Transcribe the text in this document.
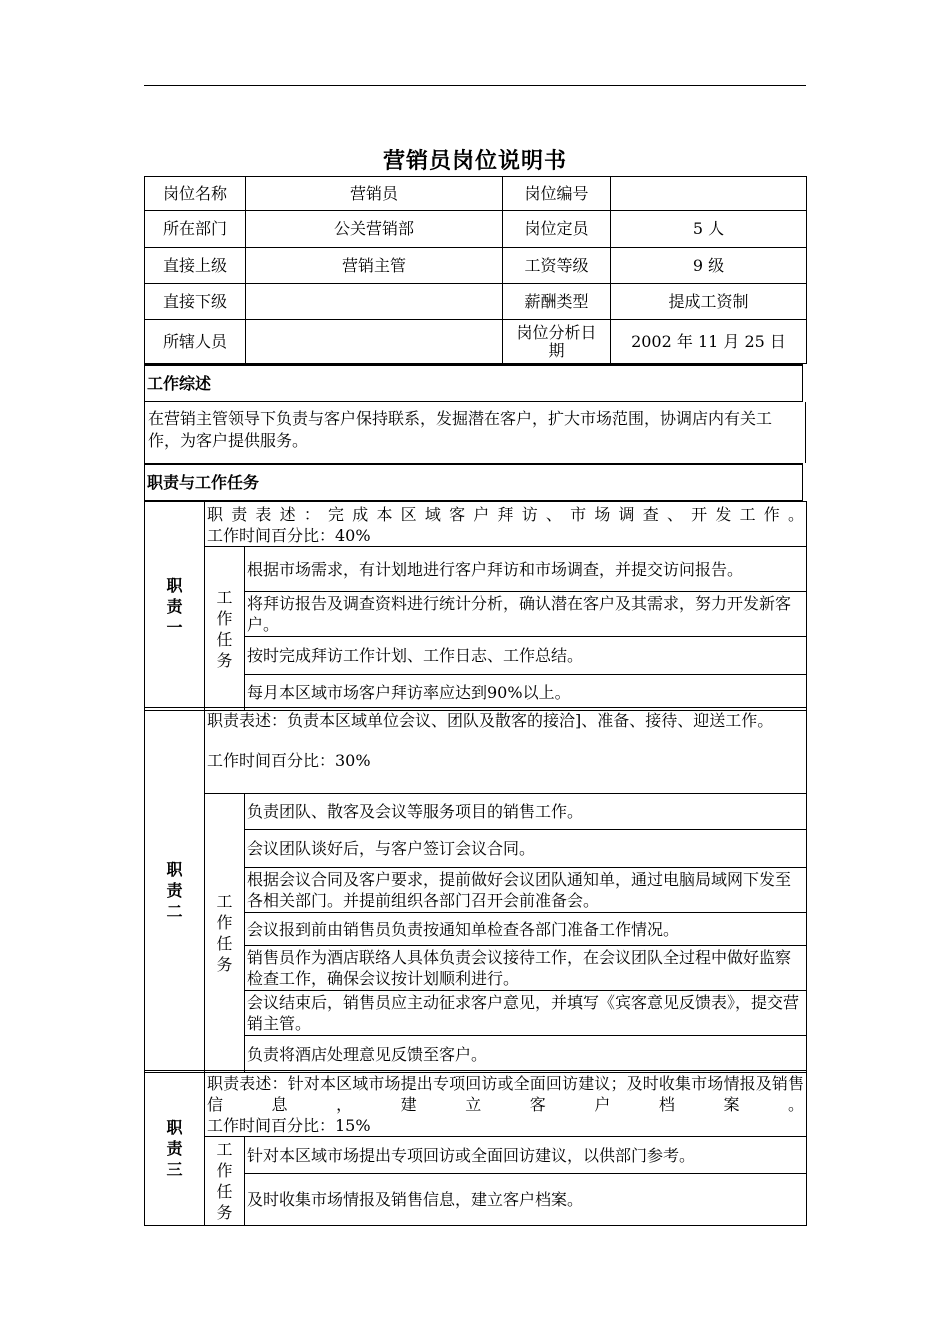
营销员岗位说明书
岗位名称	营销员	岗位编号	
所在部门	公关营销部	岗位定员	5 人
直接上级	营销主管	工资等级	9 级
直接下级		薪酬类型	提成工资制
所辖人员		岗位分析日期	2002 年 11 月 25 日
工作综述
在营销主管领导下负责与客户保持联系，发掘潜在客户，扩大市场范围，协调店内有关工作，为客户提供服务。
职责与工作任务
职责一	职责表述：完成本区域客户拜访、市场调查、开发工作。
工作时间百分比：40%	

	工作任务	根据市场需求，有计划地进行客户拜访和市场调查，并提交访问报告。
		将拜访报告及调查资料进行统计分析，确认潜在客户及其需求，努力开发新客户。
		按时完成拜访工作计划、工作日志、工作总结。
		每月本区域市场客户拜访率应达到90%以上。
职责二	职责表述：负责本区域单位会议、团队及散客的接洽]、准备、接待、迎送工作。
工作时间百分比：30%	

	工作任务	负责团队、散客及会议等服务项目的销售工作。
		会议团队谈好后，与客户签订会议合同。
		根据会议合同及客户要求，提前做好会议团队通知单，通过电脑局域网下发至各相关部门。并提前组织各部门召开会前准备会。
		会议报到前由销售员负责按通知单检查各部门准备工作情况。
		销售员作为酒店联络人具体负责会议接待工作，在会议团队全过程中做好监察检查工作，确保会议按计划顺利进行。
		会议结束后，销售员应主动征求客户意见，并填写《宾客意见反馈表》，提交营销主管。
		负责将酒店处理意见反馈至客户。
职责三	职责表述：针对本区域市场提出专项回访或全面回访建议；及时收集市场情报及销售信息，建立客户档案。
工作时间百分比：15%	

	工作任务	针对本区域市场提出专项回访或全面回访建议，以供部门参考。
		及时收集市场情报及销售信息，建立客户档案。
